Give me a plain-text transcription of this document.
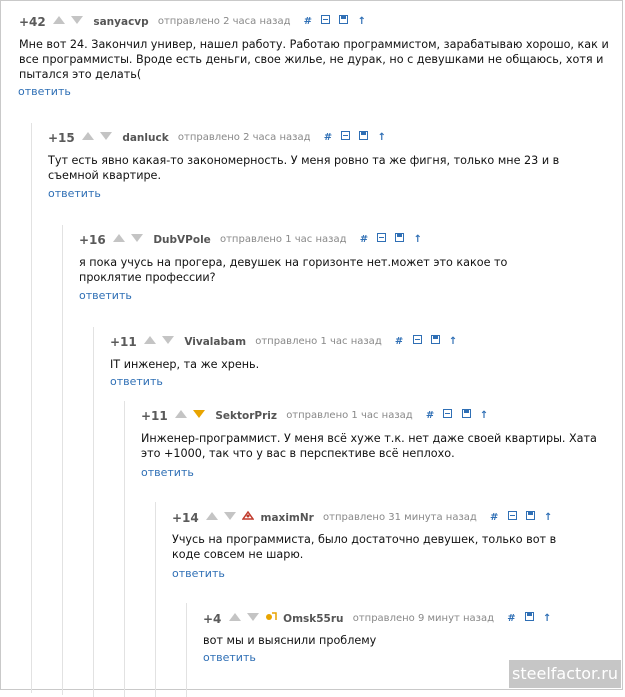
+42	sanyacvp отправлено 2 часа назад #	↑
Мне вот 24. Закончил универ, нашел работу. Работаю программистом, зарабатываю хорошо, как и все программисты. Вроде есть деньги, свое жилье, не дурак, но с девушками не общаюсь, хотя и пытался это делать(
ответить
+15	danluck отправлено 2 часа назад #	↑
Тут есть явно какая-то закономерность. У меня ровно та же фигня, только мне 23 и в съемной квартире.
ответить
+16	DubVPole отправлено 1 час назад #	↑
я пока учусь на прогера, девушек на горизонте нет.может это какое то проклятие профессии?
ответить
+11	Vivalabam отправлено 1 час назад #	↑
IT инженер, та же хрень.
ответить
+11	SektorPriz отправлено 1 час назад #	↑
Инженер-программист. У меня всё хуже т.к. нет даже своей квартиры. Хата это +1000, так что у вас в перспективе всё неплохо.
ответить
+14	maximNr отправлено 31 минута назад #	↑
Учусь на программиста, было достаточно девушек, только вот в коде совсем не шарю.
ответить
+4	Omsk55ru отправлено 9 минут назад #	↑
вот мы и выяснили проблему
ответить
steelfactor.ru
